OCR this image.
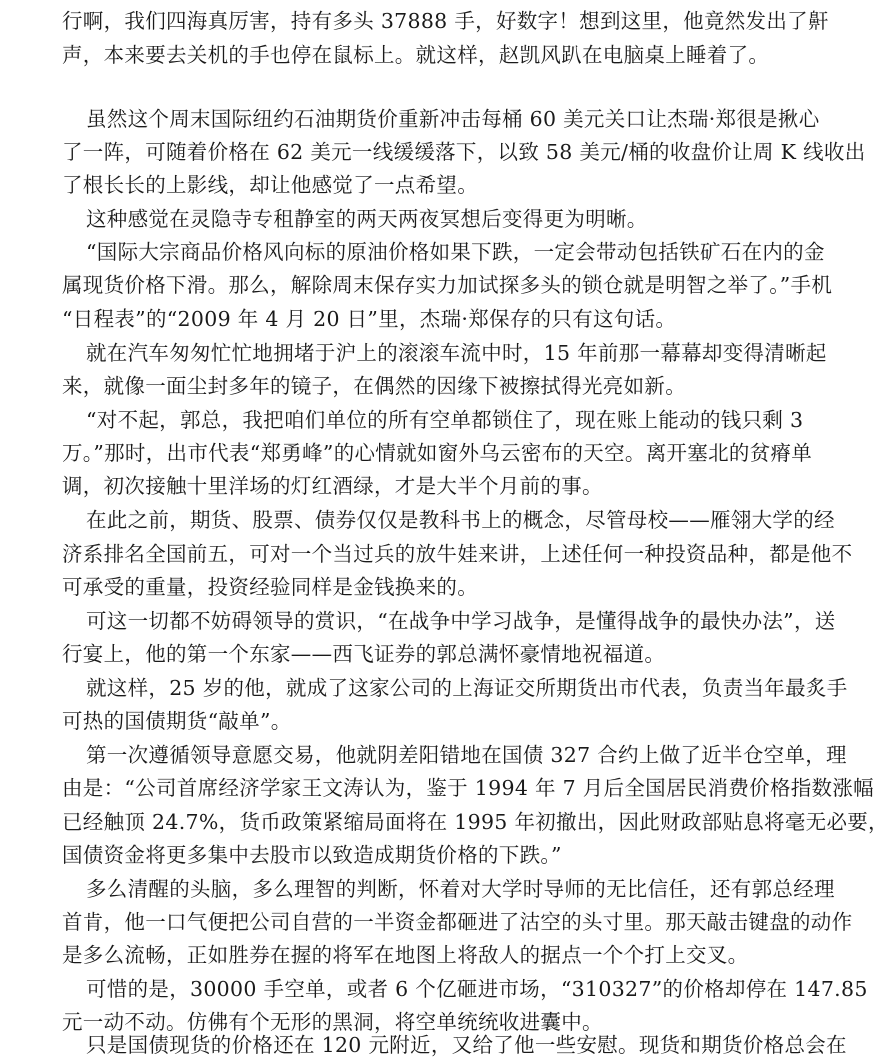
行啊，我们四海真厉害，持有多头 37888 手，好数字！想到这里，他竟然发出了鼾
声，本来要去关机的手也停在鼠标上。就这样，赵凯风趴在电脑桌上睡着了。
虽然这个周末国际纽约石油期货价重新冲击每桶 60 美元关口让杰瑞·郑很是揪心
了一阵，可随着价格在 62 美元一线缓缓落下，以致 58 美元/桶的收盘价让周 K 线收出
了根长长的上影线，却让他感觉了一点希望。
这种感觉在灵隐寺专租静室的两天两夜冥想后变得更为明晰。
“国际大宗商品价格风向标的原油价格如果下跌，一定会带动包括铁矿石在内的金
属现货价格下滑。那么，解除周末保存实力加试探多头的锁仓就是明智之举了。”手机
“日程表”的“2009 年 4 月 20 日”里，杰瑞·郑保存的只有这句话。
就在汽车匆匆忙忙地拥堵于沪上的滚滚车流中时，15 年前那一幕幕却变得清晰起
来，就像一面尘封多年的镜子，在偶然的因缘下被擦拭得光亮如新。
“对不起，郭总，我把咱们单位的所有空单都锁住了，现在账上能动的钱只剩 3
万。”那时，出市代表“郑勇峰”的心情就如窗外乌云密布的天空。离开塞北的贫瘠单
调，初次接触十里洋场的灯红酒绿，才是大半个月前的事。
在此之前，期货、股票、债券仅仅是教科书上的概念，尽管母校——雁翎大学的经
济系排名全国前五，可对一个当过兵的放牛娃来讲，上述任何一种投资品种，都是他不
可承受的重量，投资经验同样是金钱换来的。
可这一切都不妨碍领导的赏识，“在战争中学习战争，是懂得战争的最快办法”，送
行宴上，他的第一个东家——西飞证券的郭总满怀豪情地祝福道。
就这样，25 岁的他，就成了这家公司的上海证交所期货出市代表，负责当年最炙手
可热的国债期货“敲单”。
第一次遵循领导意愿交易，他就阴差阳错地在国债 327 合约上做了近半仓空单，理
由是：“公司首席经济学家王文涛认为，鉴于 1994 年 7 月后全国居民消费价格指数涨幅
已经触顶 24.7%，货币政策紧缩局面将在 1995 年初撤出，因此财政部贴息将毫无必要，
国债资金将更多集中去股市以致造成期货价格的下跌。”
多么清醒的头脑，多么理智的判断，怀着对大学时导师的无比信任，还有郭总经理
首肯，他一口气便把公司自营的一半资金都砸进了沽空的头寸里。那天敲击键盘的动作
是多么流畅，正如胜券在握的将军在地图上将敌人的据点一个个打上交叉。
可惜的是，30000 手空单，或者 6 个亿砸进市场，“310327”的价格却停在 147.85
元一动不动。仿佛有个无形的黑洞，将空单统统收进囊中。
只是国债现货的价格还在 120 元附近，又给了他一些安慰。现货和期货价格总会在
